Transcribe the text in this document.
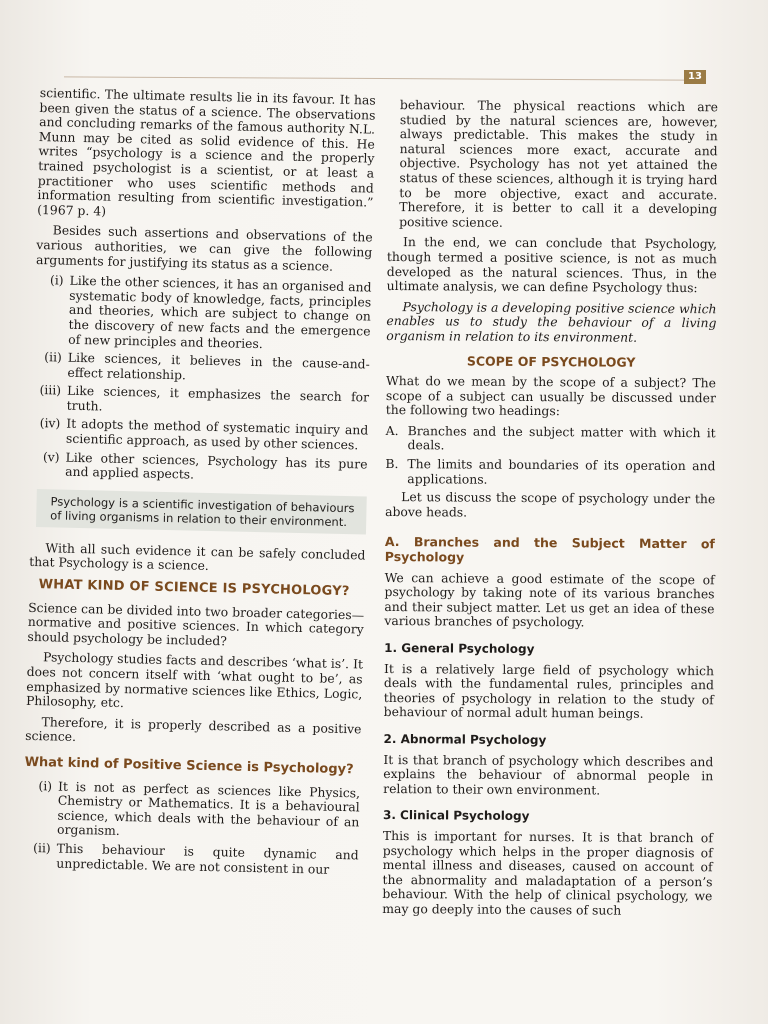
13

scientific. The ultimate results lie in its favour. It has been given the status of a science. The observations and concluding remarks of the famous authority N.L. Munn may be cited as solid evidence of this. He writes “psychology is a science and the properly trained psychologist is a scientist, or at least a practitioner who uses scientific methods and information resulting from scientific investigation.” (1967 p. 4)

Besides such assertions and observations of the various authorities, we can give the following arguments for justifying its status as a science.

(i) Like the other sciences, it has an organised and systematic body of knowledge, facts, principles and theories, which are subject to change on the discovery of new facts and the emergence of new principles and theories.
(ii) Like sciences, it believes in the cause-and-effect relationship.
(iii) Like sciences, it emphasizes the search for truth.
(iv) It adopts the method of systematic inquiry and scientific approach, as used by other sciences.
(v) Like other sciences, Psychology has its pure and applied aspects.
Psychology is a scientific investigation of behaviours of living organisms in relation to their environment.

With all such evidence it can be safely concluded that Psychology is a science.

WHAT KIND OF SCIENCE IS PSYCHOLOGY?

Science can be divided into two broader categories—normative and positive sciences. In which category should psychology be included?

Psychology studies facts and describes ‘what is’. It does not concern itself with ‘what ought to be’, as emphasized by normative sciences like Ethics, Logic, Philosophy, etc.

Therefore, it is properly described as a positive science.

What kind of Positive Science is Psychology?
(i) It is not as perfect as sciences like Physics, Chemistry or Mathematics. It is a behavioural science, which deals with the behaviour of an organism.
(ii) This behaviour is quite dynamic and unpredictable. We are not consistent in our

behaviour. The physical reactions which are studied by the natural sciences are, however, always predictable. This makes the study in natural sciences more exact, accurate and objective. Psychology has not yet attained the status of these sciences, although it is trying hard to be more objective, exact and accurate. Therefore, it is better to call it a developing positive science.

In the end, we can conclude that Psychology, though termed a positive science, is not as much developed as the natural sciences. Thus, in the ultimate analysis, we can define Psychology thus:

Psychology is a developing positive science which enables us to study the behaviour of a living organism in relation to its environment.

SCOPE OF PSYCHOLOGY

What do we mean by the scope of a subject? The scope of a subject can usually be discussed under the following two headings:

A. Branches and the subject matter with which it deals.
B. The limits and boundaries of its operation and applications.

Let us discuss the scope of psychology under the above heads.

A. Branches and the Subject Matter of Psychology

We can achieve a good estimate of the scope of psychology by taking note of its various branches and their subject matter. Let us get an idea of these various branches of psychology.

1. General Psychology

It is a relatively large field of psychology which deals with the fundamental rules, principles and theories of psychology in relation to the study of behaviour of normal adult human beings.

2. Abnormal Psychology

It is that branch of psychology which describes and explains the behaviour of abnormal people in relation to their own environment.

3. Clinical Psychology

This is important for nurses. It is that branch of psychology which helps in the proper diagnosis of mental illness and diseases, caused on account of the abnormality and maladaptation of a person’s behaviour. With the help of clinical psychology, we may go deeply into the causes of such
